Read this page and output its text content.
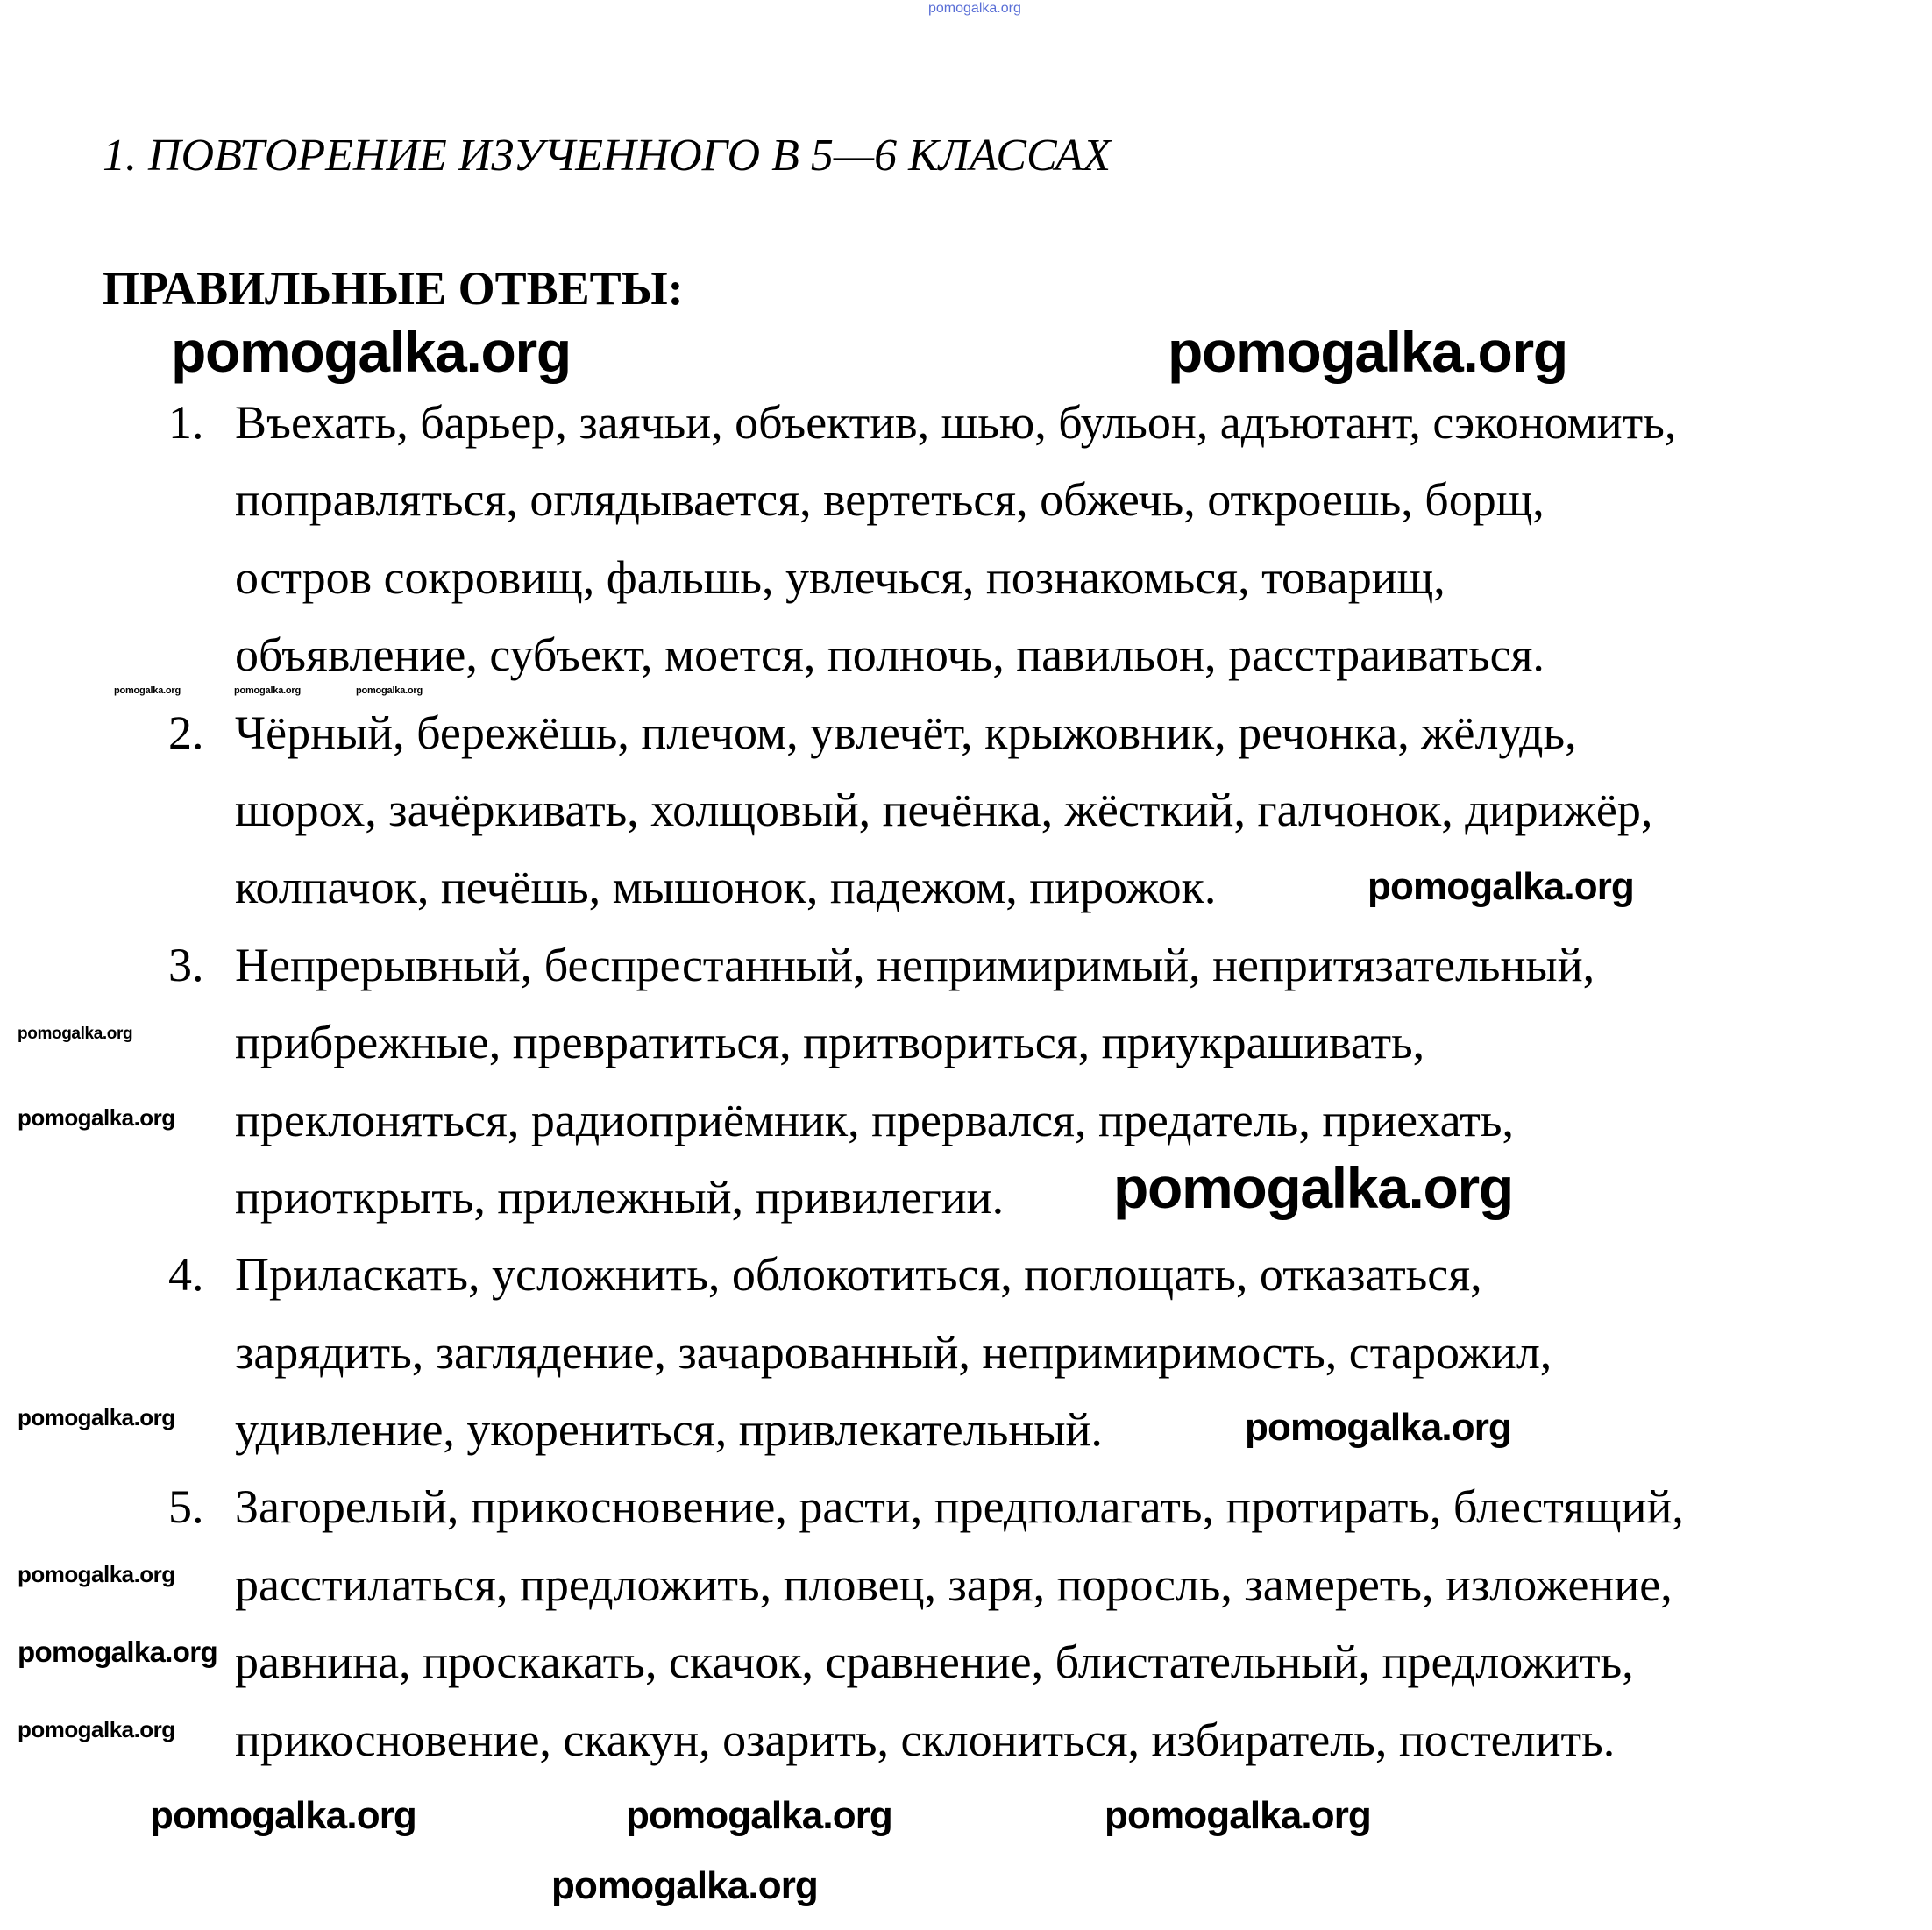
pomogalka.org
1. ПОВТОРЕНИЕ ИЗУЧЕННОГО В 5—6 КЛАССАХ
ПРАВИЛЬНЫЕ ОТВЕТЫ:
1. Въехать, барьер, заячьи, объектив, шью, бульон, адъютант, сэкономить,
поправляться, оглядывается, вертеться, обжечь, откроешь, борщ,
остров сокровищ, фальшь, увлечься, познакомься, товарищ,
объявление, субъект, моется, полночь, павильон, расстраиваться.
2. Чёрный, бережёшь, плечом, увлечёт, крыжовник, речонка, жёлудь,
шорох, зачёркивать, холщовый, печёнка, жёсткий, галчонок, дирижёр,
колпачок, печёшь, мышонок, падежом, пирожок.
3. Непрерывный, беспрестанный, непримиримый, непритязательный,
прибрежные, превратиться, притвориться, приукрашивать,
преклоняться, радиоприёмник, прервался, предатель, приехать,
приоткрыть, прилежный, привилегии.
4. Приласкать, усложнить, облокотиться, поглощать, отказаться,
зарядить, заглядение, зачарованный, непримиримость, старожил,
удивление, укорениться, привлекательный.
5. Загорелый, прикосновение, расти, предполагать, протирать, блестящий,
расстилаться, предложить, пловец, заря, поросль, замереть, изложение,
равнина, проскакать, скачок, сравнение, блистательный, предложить,
прикосновение, скакун, озарить, склониться, избиратель, постелить.
pomogalka.org	pomogalka.org
pomogalka.org	pomogalka.org	pomogalka.org
pomogalka.org
pomogalka.org
pomogalka.org
pomogalka.org
pomogalka.org
pomogalka.org
pomogalka.org
pomogalka.org
pomogalka.org
pomogalka.org
pomogalka.org
pomogalka.org
pomogalka.org
